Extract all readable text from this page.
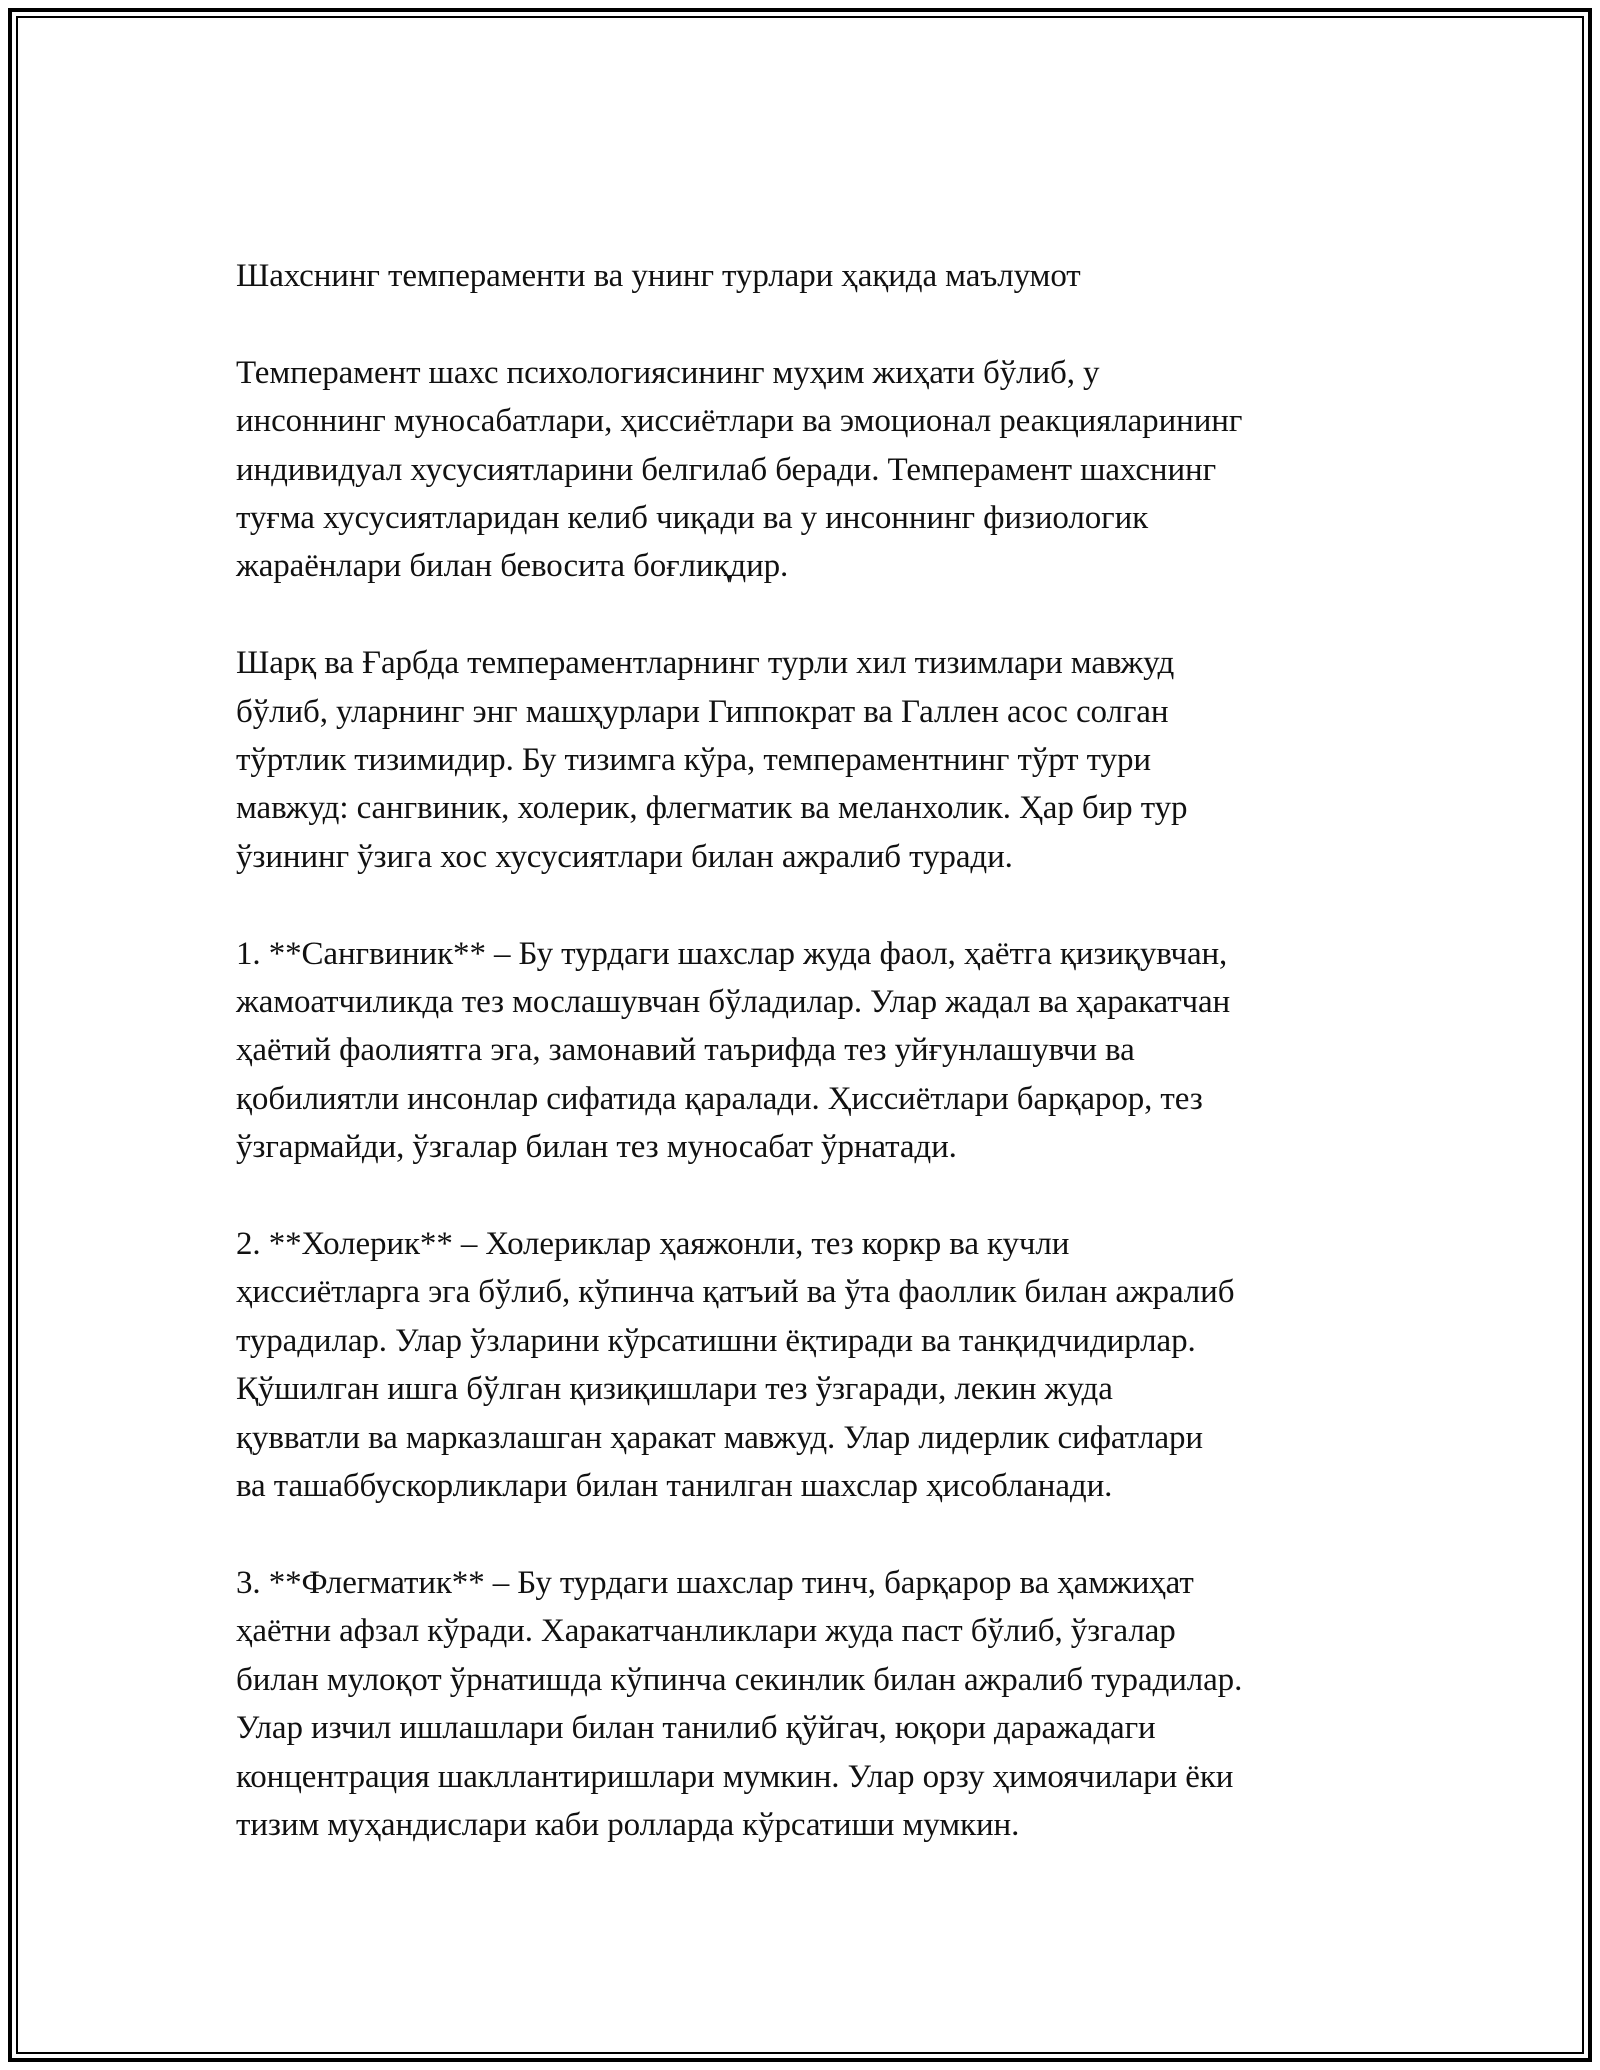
Шахснинг темпераменти ва унинг турлари ҳақида маълумот
Темперамент шахс психологиясининг муҳим жиҳати бўлиб, у
инсоннинг муносабатлари, ҳиссиётлари ва эмоционал реакцияларининг
индивидуал хусусиятларини белгилаб беради. Темперамент шахснинг
туғма хусусиятларидан келиб чиқади ва у инсоннинг физиологик
жараёнлари билан бевосита боғлиқдир.
Шарқ ва Ғарбда темпераментларнинг турли хил тизимлари мавжуд
бўлиб, уларнинг энг машҳурлари Гиппократ ва Галлен асос солган
тўртлик тизимидир. Бу тизимга кўра, темпераментнинг тўрт тури
мавжуд: сангвиник, холерик, флегматик ва меланхолик. Ҳар бир тур
ўзининг ўзига хос хусусиятлари билан ажралиб туради.
1. **Сангвиник** – Бу турдаги шахслар жуда фаол, ҳаётга қизиқувчан,
жамоатчиликда тез мослашувчан бўладилар. Улар жадал ва ҳаракатчан
ҳаётий фаолиятга эга, замонавий таърифда тез уйғунлашувчи ва
қобилиятли инсонлар сифатида қаралади. Ҳиссиётлари барқарор, тез
ўзгармайди, ўзгалар билан тез муносабат ўрнатади.
2. **Холерик** – Холериклар ҳаяжонли, тез коркр ва кучли
ҳиссиётларга эга бўлиб, кўпинча қатъий ва ўта фаоллик билан ажралиб
турадилар. Улар ўзларини кўрсатишни ёқтиради ва танқидчидирлар.
Қўшилган ишга бўлган қизиқишлари тез ўзгаради, лекин жуда
қувватли ва марказлашган ҳаракат мавжуд. Улар лидерлик сифатлари
ва ташаббускорликлари билан танилган шахслар ҳисобланади.
3. **Флегматик** – Бу турдаги шахслар тинч, барқарор ва ҳамжиҳат
ҳаётни афзал кўради. Харакатчанликлари жуда паст бўлиб, ўзгалар
билан мулоқот ўрнатишда кўпинча секинлик билан ажралиб турадилар.
Улар изчил ишлашлари билан танилиб қўйгач, юқори даражадаги
концентрация шакллантиришлари мумкин. Улар орзу ҳимоячилари ёки
тизим муҳандислари каби ролларда кўрсатиши мумкин.
